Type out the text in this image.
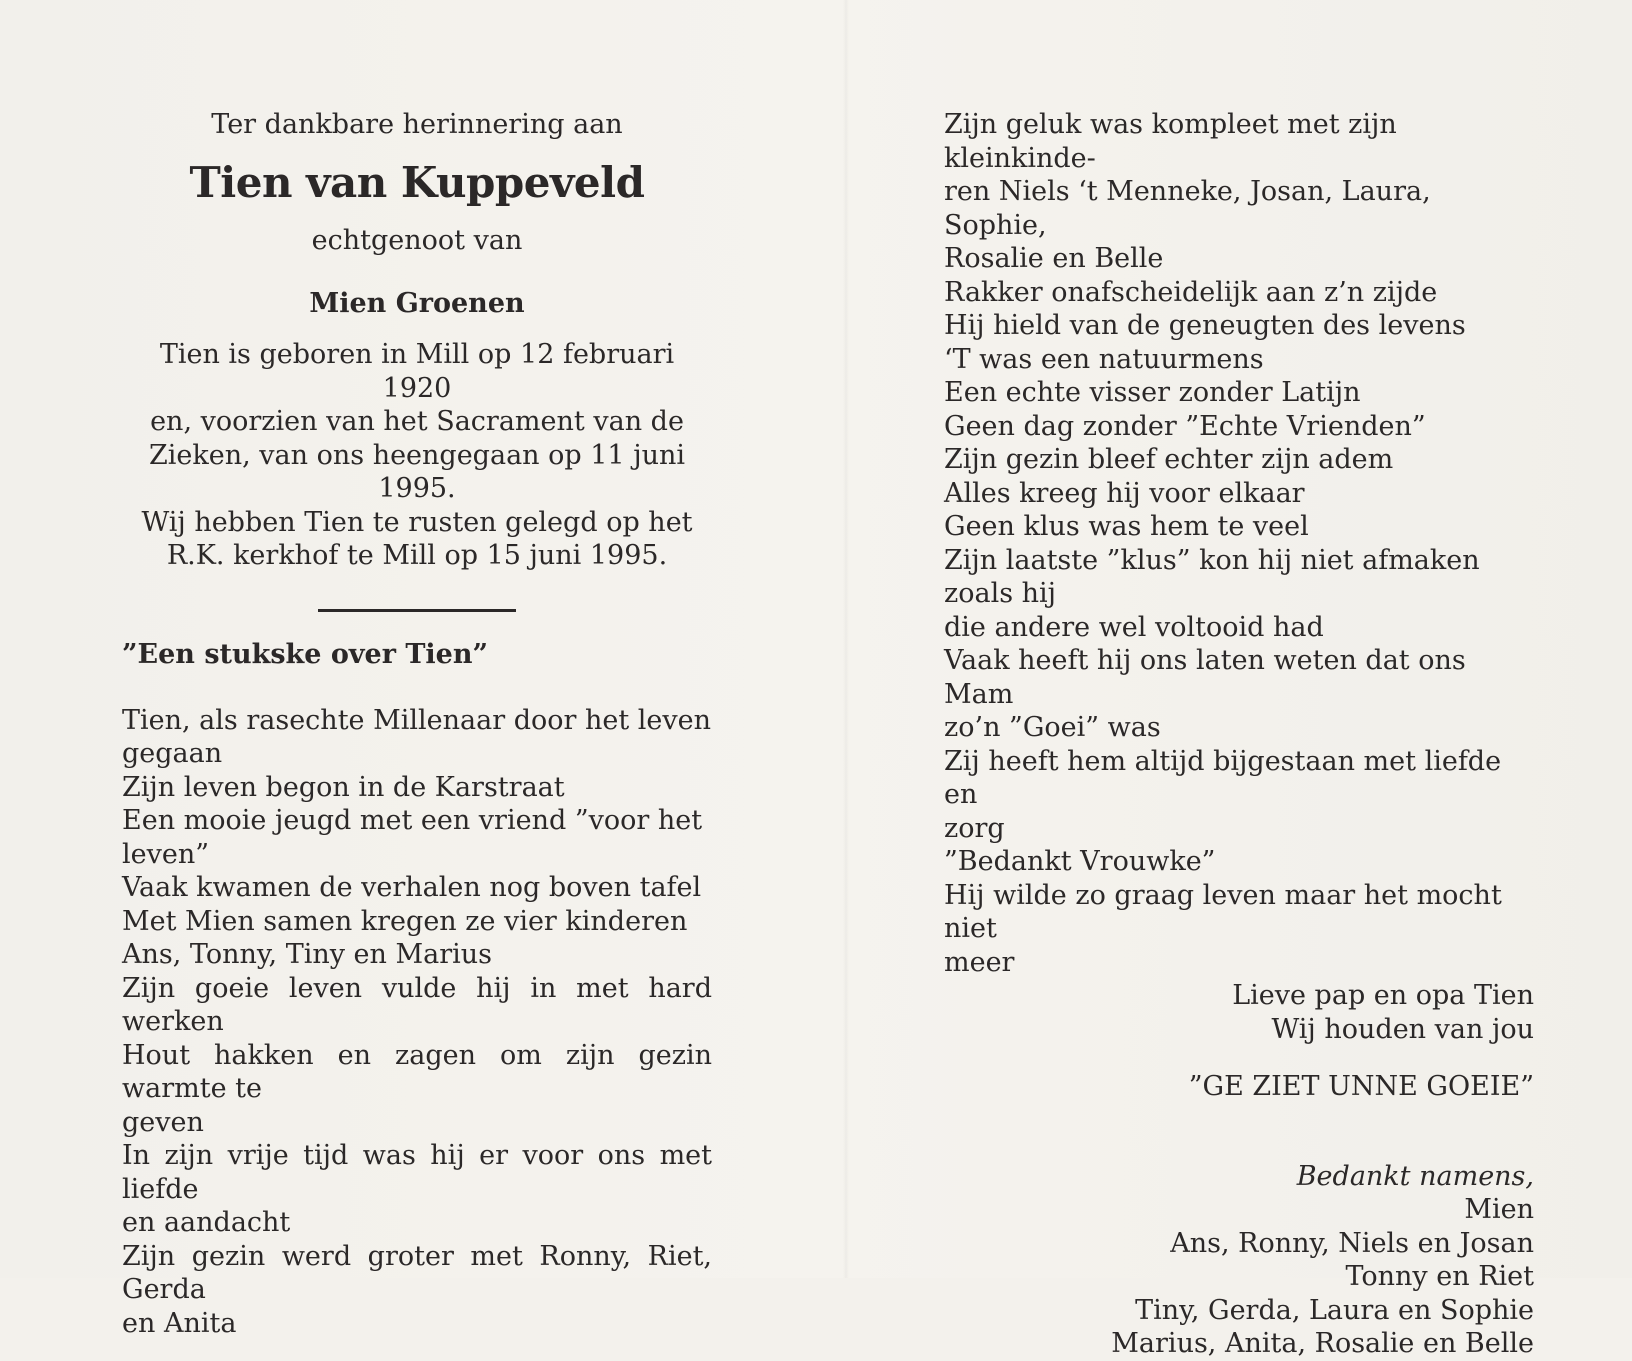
Ter dankbare herinnering aan

Tien van Kuppeveld

echtgenoot van

Mien Groenen

Tien is geboren in Mill op 12 februari 1920

en, voorzien van het Sacrament van de

Zieken, van ons heengegaan op 11 juni 1995.

Wij hebben Tien te rusten gelegd op het

R.K. kerkhof te Mill op 15 juni 1995.

”Een stukske over Tien”

Tien, als rasechte Millenaar door het leven

gegaan

Zijn leven begon in de Karstraat

Een mooie jeugd met een vriend ”voor het

leven”

Vaak kwamen de verhalen nog boven tafel

Met Mien samen kregen ze vier kinderen

Ans, Tonny, Tiny en Marius

Zijn goeie leven vulde hij in met hard werken

Hout hakken en zagen om zijn gezin warmte te

geven

In zijn vrije tijd was hij er voor ons met liefde

en aandacht

Zijn gezin werd groter met Ronny, Riet, Gerda

en Anita

Zijn geluk was kompleet met zijn kleinkinde-

ren Niels ‘t Menneke, Josan, Laura, Sophie,

Rosalie en Belle

Rakker onafscheidelijk aan z’n zijde

Hij hield van de geneugten des levens

‘T was een natuurmens

Een echte visser zonder Latijn

Geen dag zonder ”Echte Vrienden”

Zijn gezin bleef echter zijn adem

Alles kreeg hij voor elkaar

Geen klus was hem te veel

Zijn laatste ”klus” kon hij niet afmaken zoals hij

die andere wel voltooid had

Vaak heeft hij ons laten weten dat ons Mam

zo’n ”Goei” was

Zij heeft hem altijd bijgestaan met liefde en

zorg

”Bedankt Vrouwke”

Hij wilde zo graag leven maar het mocht niet

meer

Lieve pap en opa Tien

Wij houden van jou

”GE ZIET UNNE GOEIE”

Bedankt namens,

Mien

Ans, Ronny, Niels en Josan

Tonny en Riet

Tiny, Gerda, Laura en Sophie

Marius, Anita, Rosalie en Belle
